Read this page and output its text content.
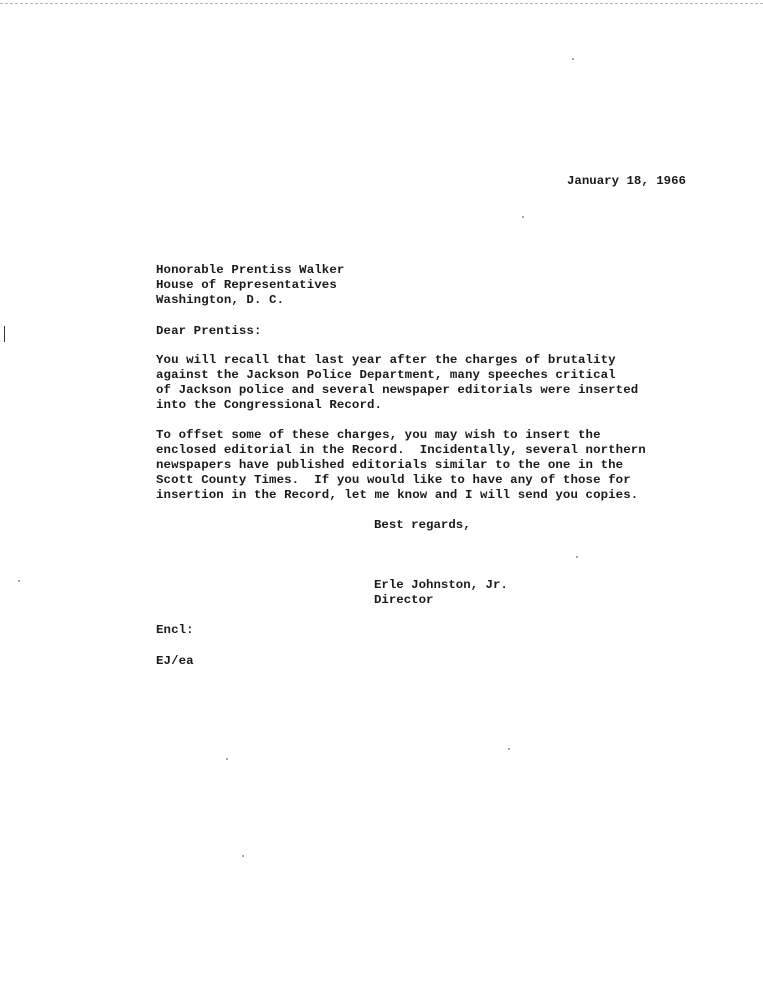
January 18, 1966
Honorable Prentiss Walker
House of Representatives
Washington, D. C.
Dear Prentiss:
You will recall that last year after the charges of brutality
against the Jackson Police Department, many speeches critical
of Jackson police and several newspaper editorials were inserted
into the Congressional Record.
To offset some of these charges, you may wish to insert the
enclosed editorial in the Record.  Incidentally, several northern
newspapers have published editorials similar to the one in the
Scott County Times.  If you would like to have any of those for
insertion in the Record, let me know and I will send you copies.
Best regards,
Erle Johnston, Jr.
Director
Encl:
EJ/ea
